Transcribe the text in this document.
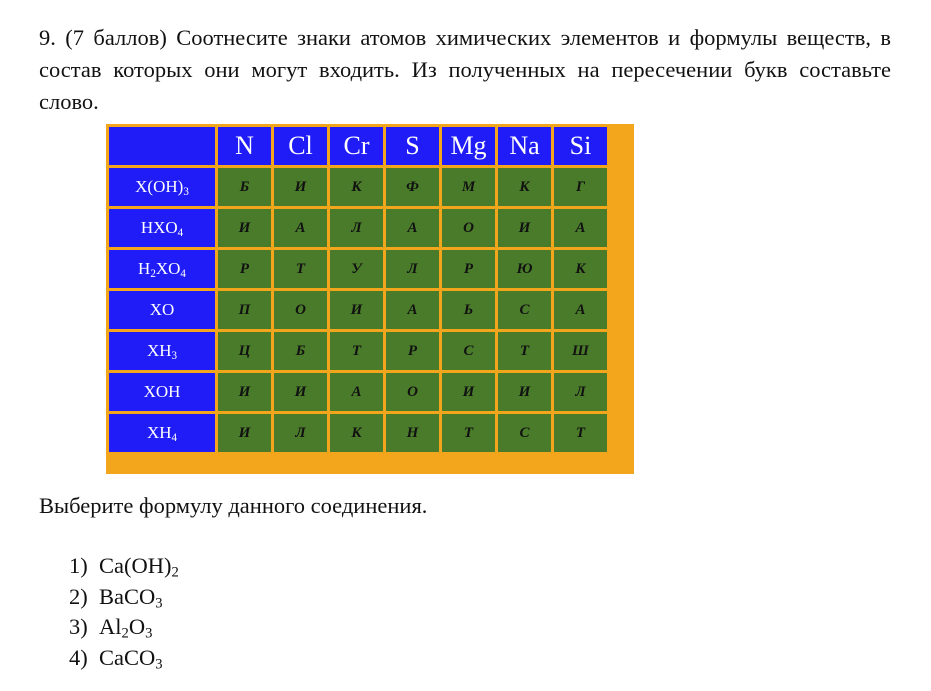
9. (7 баллов) Соотнесите знаки атомов химических элементов и формулы веществ, в состав которых они могут входить. Из полученных на пересечении букв составьте слово.
	N	Cl	Cr	S	Mg	Na	Si
$X(OH)_3$	Б	И	К	Ф	М	К	Г
$HXO_4$	И	А	Л	А	О	И	А
$H_2XO_4$	Р	Т	У	Л	Р	Ю	К
XO	П	О	И	А	Ь	С	А
$XH_3$	Ц	Б	Т	Р	С	Т	Ш
XOH	И	И	А	О	И	И	Л
$XH_4$	И	Л	К	Н	Т	С	Т
Выберите формулу данного соединения.
1) $Ca(OH)_2$
2) BaCO$_3$
3) $Al_2O_3$
4) CaCO$_3$
